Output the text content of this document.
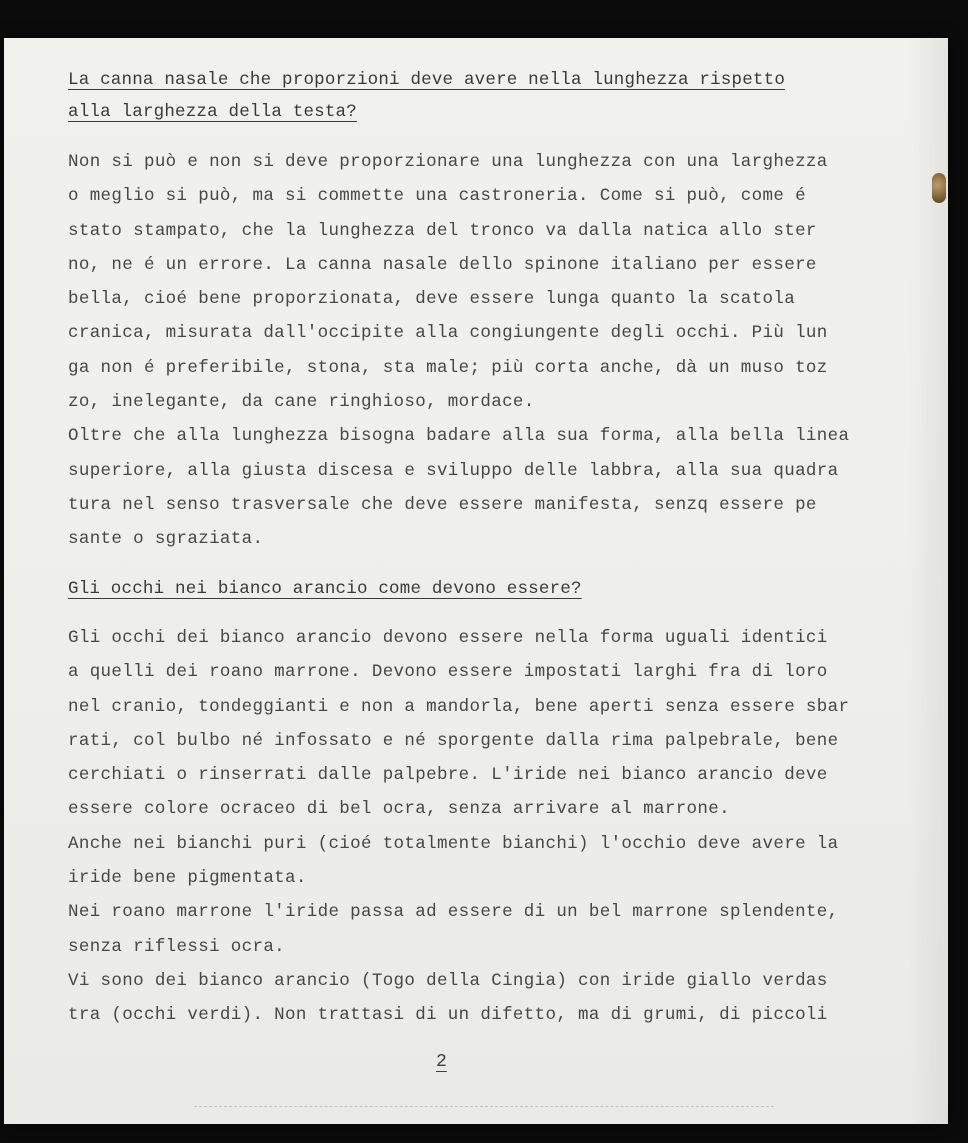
La canna nasale che proporzioni deve avere nella lunghezza rispetto

alla larghezza della testa?

Non si può e non si deve proporzionare una lunghezza con una larghezza
o meglio si può, ma si commette una castroneria. Come si può, come é
stato stampato, che la lunghezza del tronco va dalla natica allo ster
no, ne é un errore. La canna nasale dello spinone italiano per essere
bella, cioé bene proporzionata, deve essere lunga quanto la scatola
cranica, misurata dall'occipite alla congiungente degli occhi. Più lun
ga non é preferibile, stona, sta male; più corta anche, dà un muso toz
zo, inelegante, da cane ringhioso, mordace.
Oltre che alla lunghezza bisogna badare alla sua forma, alla bella linea
superiore, alla giusta discesa e sviluppo delle labbra, alla sua quadra
tura nel senso trasversale che deve essere manifesta, senzq essere pe
sante o sgraziata.

Gli occhi nei bianco arancio come devono essere?

Gli occhi dei bianco arancio devono essere nella forma uguali identici
a quelli dei roano marrone. Devono essere impostati larghi fra di loro
nel cranio, tondeggianti e non a mandorla, bene aperti senza essere sbar
rati, col bulbo né infossato e né sporgente dalla rima palpebrale, bene
cerchiati o rinserrati dalle palpebre. L'iride nei bianco arancio deve
essere colore ocraceo di bel ocra, senza arrivare al marrone.
Anche nei bianchi puri (cioé totalmente bianchi) l'occhio deve avere la
iride bene pigmentata.
Nei roano marrone l'iride passa ad essere di un bel marrone splendente,
senza riflessi ocra.
Vi sono dei bianco arancio (Togo della Cingia) con iride giallo verdas
tra (occhi verdi). Non trattasi di un difetto, ma di grumi, di piccoli

2
